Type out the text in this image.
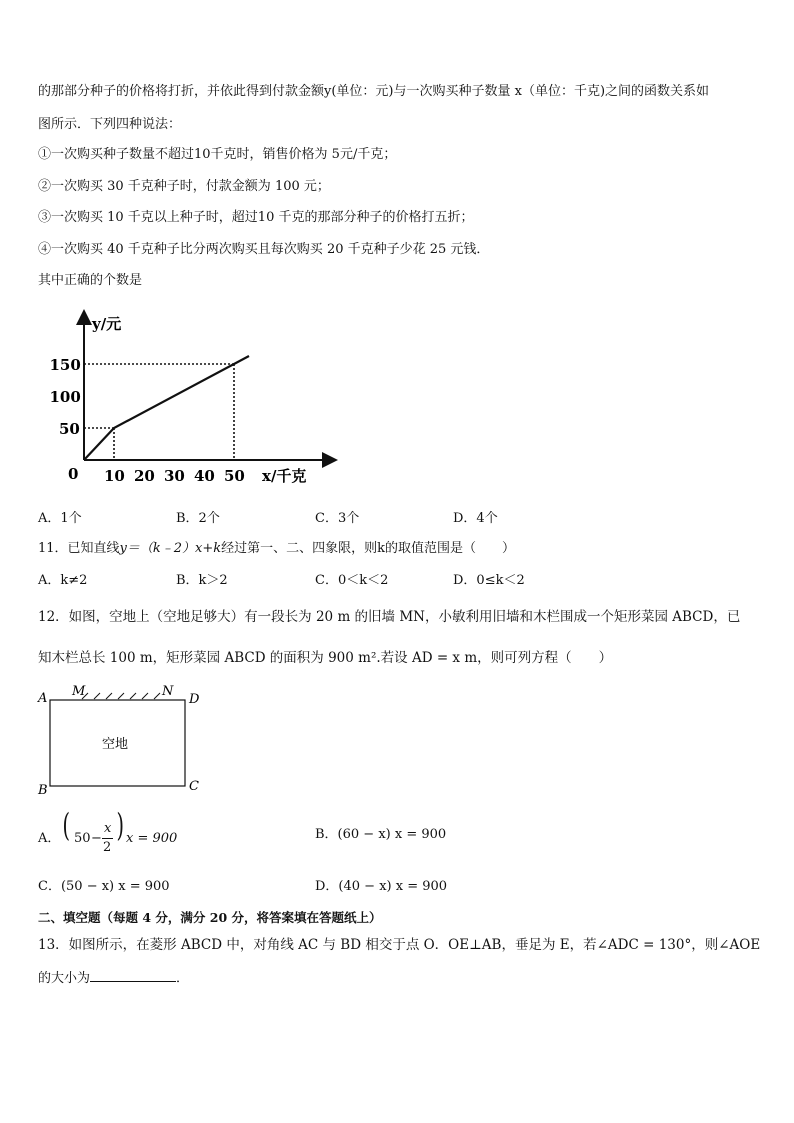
的那部分种子的价格将打折，并依此得到付款金额y(单位：元)与一次购买种子数量 x（单位：千克)之间的函数关系如
图所示．下列四种说法：
①一次购买种子数量不超过10千克时，销售价格为 5元/千克；
②一次购买 30 千克种子时，付款金额为 100 元；
③一次购买 10 千克以上种子时，超过10 千克的那部分种子的价格打五折；
④一次购买 40 千克种子比分两次购买且每次购买 20 千克种子少花 25 元钱．
其中正确的个数是
y/元
x/千克
0 10 20 30 40 50
50
100
150
A．1个	B．2个	C．3个	D．4个
11．已知直线y＝（k﹣2）x+k经过第一、二、四象限，则k的取值范围是（　　）
A．k≠2	B．k＞2	C．0＜k＜2	D．0≤k＜2
12．如图，空地上（空地足够大）有一段长为 20 m 的旧墙 MN，小敏利用旧墙和木栏围成一个矩形菜园 ABCD，已
知木栏总长 100 m，矩形菜园 ABCD 的面积为 900 m².若设 AD = x m，则可列方程（　　）
A M	N
D
B	C
空地
A． ( 50 −
x
2
) x = 900	B．(60 − x) x = 900
C．(50 − x) x = 900	D．(40 − x) x = 900
二、填空题（每题 4 分，满分 20 分，将答案填在答题纸上）
13．如图所示，在菱形 ABCD 中，对角线 AC 与 BD 相交于点 O．OE⊥AB，垂足为 E，若∠ADC = 130°，则∠AOE
的大小为	．
